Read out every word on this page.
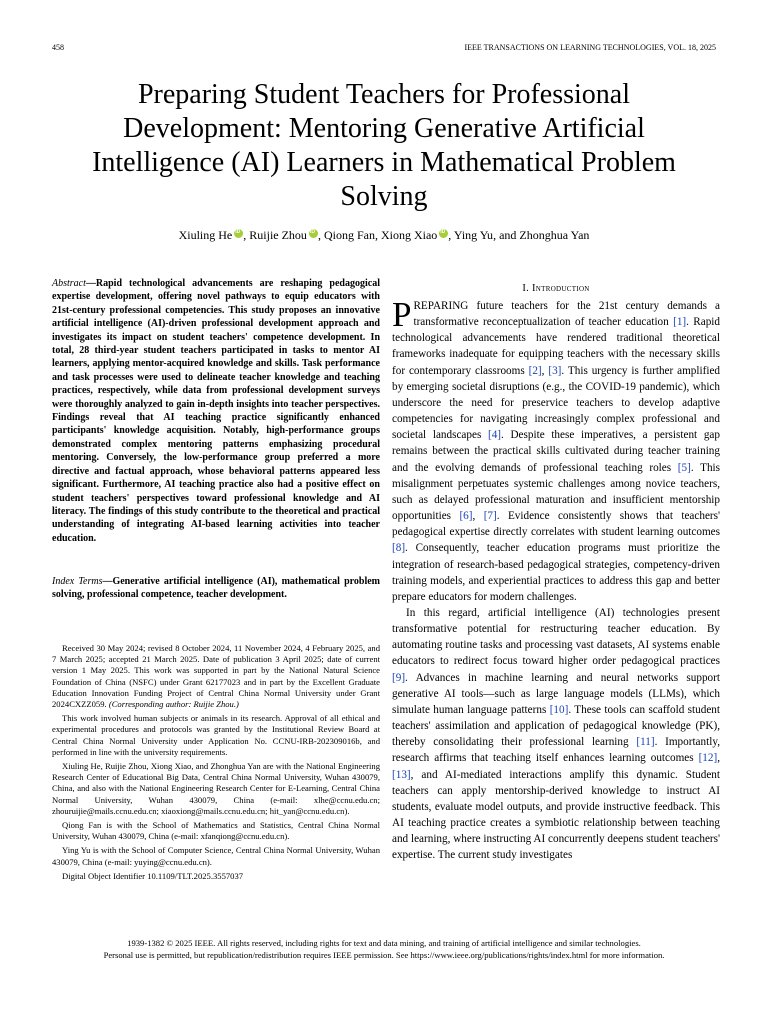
458	IEEE TRANSACTIONS ON LEARNING TECHNOLOGIES, VOL. 18, 2025
Preparing Student Teachers for Professional Development: Mentoring Generative Artificial Intelligence (AI) Learners in Mathematical Problem Solving
Xiuling He iD , Ruijie Zhou iD , Qiong Fan, Xiong Xiao iD , Ying Yu, and Zhonghua Yan
Abstract—Rapid technological advancements are reshaping pedagogical expertise development, offering novel pathways to equip educators with 21st-century professional competencies. This study proposes an innovative artificial intelligence (AI)-driven professional development approach and investigates its impact on student teachers' competence development. In total, 28 third-year student teachers participated in tasks to mentor AI learners, applying mentor-acquired knowledge and skills. Task performance and task processes were used to delineate teacher knowledge and teaching practices, respectively, while data from professional development surveys were thoroughly analyzed to gain in-depth insights into teacher perspectives. Findings reveal that AI teaching practice significantly enhanced participants' knowledge acquisition. Notably, high-performance groups demonstrated complex mentoring patterns emphasizing procedural mentoring. Conversely, the low-performance group preferred a more directive and factual approach, whose behavioral patterns appeared less significant. Furthermore, AI teaching practice also had a positive effect on student teachers' perspectives toward professional knowledge and AI literacy. The findings of this study contribute to the theoretical and practical understanding of integrating AI-based learning activities into teacher education.
Index Terms—Generative artificial intelligence (AI), mathematical problem solving, professional competence, teacher development.

Received 30 May 2024; revised 8 October 2024, 11 November 2024, 4 February 2025, and 7 March 2025; accepted 21 March 2025. Date of publication 3 April 2025; date of current version 1 May 2025. This work was supported in part by the National Natural Science Foundation of China (NSFC) under Grant 62177023 and in part by the Excellent Graduate Education Innovation Funding Project of Central China Normal University under Grant 2024CXZZ059. (Corresponding author: Ruijie Zhou.)

This work involved human subjects or animals in its research. Approval of all ethical and experimental procedures and protocols was granted by the Institutional Review Board at Central China Normal University under Application No. CCNU-IRB-202309016b, and performed in line with the university requirements.

Xiuling He, Ruijie Zhou, Xiong Xiao, and Zhonghua Yan are with the National Engineering Research Center of Educational Big Data, Central China Normal University, Wuhan 430079, China, and also with the National Engineering Research Center for E-Learning, Central China Normal University, Wuhan 430079, China (e-mail: xlhe@ccnu.edu.cn; zhouruijie@mails.ccnu.edu.cn; xiaoxiong@mails.ccnu.edu.cn; hit_yan@ccnu.edu.cn).

Qiong Fan is with the School of Mathematics and Statistics, Central China Normal University, Wuhan 430079, China (e-mail: xfanqiong@ccnu.edu.cn).

Ying Yu is with the School of Computer Science, Central China Normal University, Wuhan 430079, China (e-mail: yuying@ccnu.edu.cn).

Digital Object Identifier 10.1109/TLT.2025.3557037

I. Introduction

PREPARING future teachers for the 21st century demands a transformative reconceptualization of teacher education [1]. Rapid technological advancements have rendered traditional theoretical frameworks inadequate for equipping teachers with the necessary skills for contemporary classrooms [2], [3]. This urgency is further amplified by emerging societal disruptions (e.g., the COVID-19 pandemic), which underscore the need for preservice teachers to develop adaptive competencies for navigating increasingly complex professional and societal landscapes [4]. Despite these imperatives, a persistent gap remains between the practical skills cultivated during teacher training and the evolving demands of professional teaching roles [5]. This misalignment perpetuates systemic challenges among novice teachers, such as delayed professional maturation and insufficient mentorship opportunities [6], [7]. Evidence consistently shows that teachers' pedagogical expertise directly correlates with student learning outcomes [8]. Consequently, teacher education programs must prioritize the integration of research-based pedagogical strategies, competency-driven training models, and experiential practices to address this gap and better prepare educators for modern challenges.

In this regard, artificial intelligence (AI) technologies present transformative potential for restructuring teacher education. By automating routine tasks and processing vast datasets, AI systems enable educators to redirect focus toward higher order pedagogical practices [9]. Advances in machine learning and neural networks support generative AI tools—such as large language models (LLMs), which simulate human language patterns [10]. These tools can scaffold student teachers' assimilation and application of pedagogical knowledge (PK), thereby consolidating their professional learning [11]. Importantly, research affirms that teaching itself enhances learning outcomes [12], [13], and AI-mediated interactions amplify this dynamic. Student teachers can apply mentorship-derived knowledge to instruct AI students, evaluate model outputs, and provide instructive feedback. This AI teaching practice creates a symbiotic relationship between teaching and learning, where instructing AI concurrently deepens student teachers' expertise. The current study investigates

1939-1382 © 2025 IEEE. All rights reserved, including rights for text and data mining, and training of artificial intelligence and similar technologies.
Personal use is permitted, but republication/redistribution requires IEEE permission. See https://www.ieee.org/publications/rights/index.html for more information.
